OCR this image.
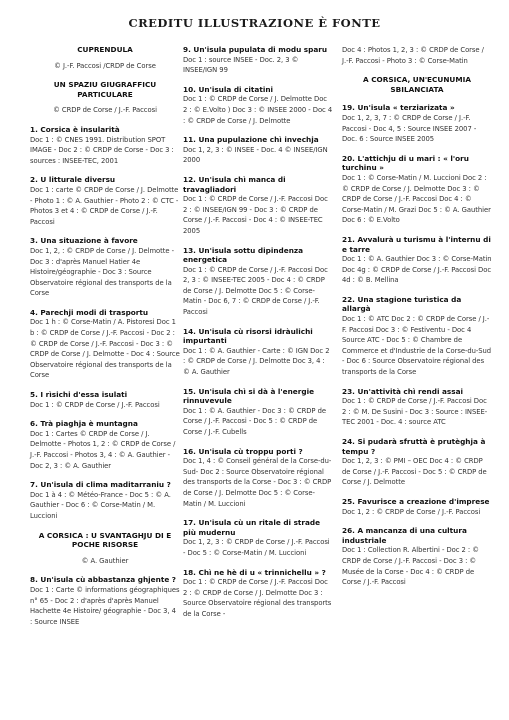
CREDITU ILLUSTRAZIONE È FONTE
CUPRENDULA
© J.-F. Paccosi /CRDP de Corse
UN SPAZIU GIUGRAFFICU PARTICULARE
© CRDP de Corse / J.-F. Paccosi
1. Corsica è insularità
Doc 1 : © CNES 1991. Distribution SPOT IMAGE - Doc 2 : © CRDP de Corse - Doc 3 : sources : INSEE-TEC, 2001
2. U litturale diversu
Doc 1 : carte © CRDP de Corse / J. Delmotte - Photo 1 : © A. Gauthier - Photo 2 : © CTC - Photos 3 et 4 : © CRDP de Corse / J.-F. Paccosi
3. Una situazione à favore
Doc 1, 2, : © CRDP de Corse / J. Delmotte - Doc 3 : d'après Manuel Hatier 4e Histoire/géographie - Doc 3 : Source Observatoire régional des transports de la Corse
4. Parechji modi di trasportu
Doc 1 h : © Corse-Matin / A. Pistoresi Doc 1 b : © CRDP de Corse / J.-F. Paccosi - Doc 2 : © CRDP de Corse / J.-F. Paccosi - Doc 3 : © CRDP de Corse / J. Delmotte - Doc 4 : Source Observatoire régional des transports de la Corse
5. I rìsichi d'essa isulati
Doc 1 : © CRDP de Corse / J.-F. Paccosi
6. Trà piaghja è muntagna
Doc 1 : Cartes © CRDP de Corse / J. Delmotte - Photos 1, 2 : © CRDP de Corse / J.-F. Paccosi - Photos 3, 4 : © A. Gauthier - Doc 2, 3 : © A. Gauthier
7. Un'isula di clima maditarraniu ?
Doc 1 à 4 : © Météo-France - Doc 5 : © A. Gauthier - Doc 6 : © Corse-Matin / M. Luccioni
A CORSICA : U SVANTAGHJU DI E POCHE RISORSE
© A. Gauthier
8. Un'isula cù abbastanza ghjente ?
Doc 1 : Carte © informations géographiques n° 65 - Doc 2 : d'après d'après Manuel Hachette 4e Histoire/ géographie - Doc 3, 4 : Source INSEE
9. Un'isula pupulata di modu sparu
Doc 1 : source INSEE - Doc. 2, 3 © INSEE/IGN 99
10. Un'isula di citatini
Doc 1 : © CRDP de Corse / J. Delmotte Doc 2 : © E.Volto ) Doc 3 : © INSEE 2000 - Doc 4 : © CRDP de Corse / J. Delmotte
11. Una pupulazione chì invechja
Doc 1, 2, 3 : © INSEE - Doc. 4 © INSEE/IGN 2000
12. Un'isula chì manca di travagliadori
Doc 1 : © CRDP de Corse / J.-F. Paccosi Doc 2 : © INSEE/IGN 99 - Doc 3 : © CRDP de Corse / J.-F. Paccosi - Doc 4 : © INSEE-TEC 2005
13. Un'isula sottu dipindenza energetica
Doc 1 : © CRDP de Corse / J.-F. Paccosi Doc 2, 3 : © INSEE-TEC 2005 - Doc 4 : © CRDP de Corse / J. Delmotte Doc 5 : © Corse-Matin - Doc 6, 7 : © CRDP de Corse / J.-F. Paccosi
14. Un'isula cù risorsi idràulichi impurtanti
Doc 1 : © A. Gauthier - Carte : © IGN Doc 2 : © CRDP de Corse / J. Delmotte Doc 3, 4 : © A. Gauthier
15. Un'isula chì si dà à l'energie rinnuvevule
Doc 1 : © A. Gauthier - Doc 3 : © CRDP de Corse / J.-F. Paccosi - Doc 5 : © CRDP de Corse / J.-F. Cubells
16. Un'isula cù troppu porti ?
Doc 1, 4 : © Conseil général de la Corse-du-Sud- Doc 2 : Source Observatoire régional des transports de la Corse - Doc 3 : © CRDP de Corse / J. Delmotte Doc 5 : © Corse-Matin / M. Luccioni
17. Un'isula cù un ritale di strade più mudernu
Doc 1, 2, 3 : © CRDP de Corse / J.-F. Paccosi - Doc 5 : © Corse-Matin / M. Luccioni
18. Chì ne hè di u « trinnichellu » ?
Doc 1 : © CRDP de Corse / J.-F. Paccosi Doc 2 : © CRDP de Corse / J. Delmotte Doc 3 : Source Observatoire régional des transports de la Corse -
Doc 4 : Photos 1, 2, 3 : © CRDP de Corse / J.-F. Paccosi - Photo 3 : © Corse-Matin
A CORSICA, UN'ECUNUMIA SBILANCIATA
19. Un'isula « terziarizata »
Doc 1, 2, 3, 7 : © CRDP de Corse / J.-F. Paccosi - Doc 4, 5 : Source INSEE 2007 - Doc. 6 : Source INSEE 2005
20. L'attichju di u mari : « l'oru turchinu »
Doc 1 : © Corse-Matin / M. Luccioni Doc 2 : © CRDP de Corse / J. Delmotte Doc 3 : © CRDP de Corse / J.-F. Paccosi Doc 4 : © Corse-Matin / M. Grazi Doc 5 : © A. Gauthier Doc 6 : © E.Volto
21. Avvalurà u turismu à l'internu di e tarre
Doc 1 : © A. Gauthier Doc 3 : © Corse-Matin Doc 4g : © CRDP de Corse / J.-F. Paccosi Doc 4d : © B. Mellina
22. Una stagione turìstica da allargà
Doc 1 : © ATC Doc 2 : © CRDP de Corse / J.-F. Paccosi Doc 3 : © Festiventu - Doc 4 Source ATC - Doc 5 : © Chambre de Commerce et d'Industrie de la Corse-du-Sud - Doc 6 : Source Observatoire régional des transports de la Corse
23. Un'attività chì rendi assai
Doc 1 : © CRDP de Corse / J.-F. Paccosi Doc 2 : © M. De Susini - Doc 3 : Source : INSEE-TEC 2001 - Doc. 4 : source ATC
24. Si pudarà sfruttà è prutèghja à tempu ?
Doc 1, 2, 3 : © PMI – OEC Doc 4 : © CRDP de Corse / J.-F. Paccosi - Doc 5 : © CRDP de Corse / J. Delmotte
25. Favurisce a creazione d'imprese
Doc 1, 2 : © CRDP de Corse / J.-F. Paccosi
26. A mancanza di una cultura industriale
Doc 1 : Collection R. Albertini - Doc 2 : © CRDP de Corse / J.-F. Paccosi - Doc 3 : © Musée de la Corse - Doc 4 : © CRDP de Corse / J.-F. Paccosi
